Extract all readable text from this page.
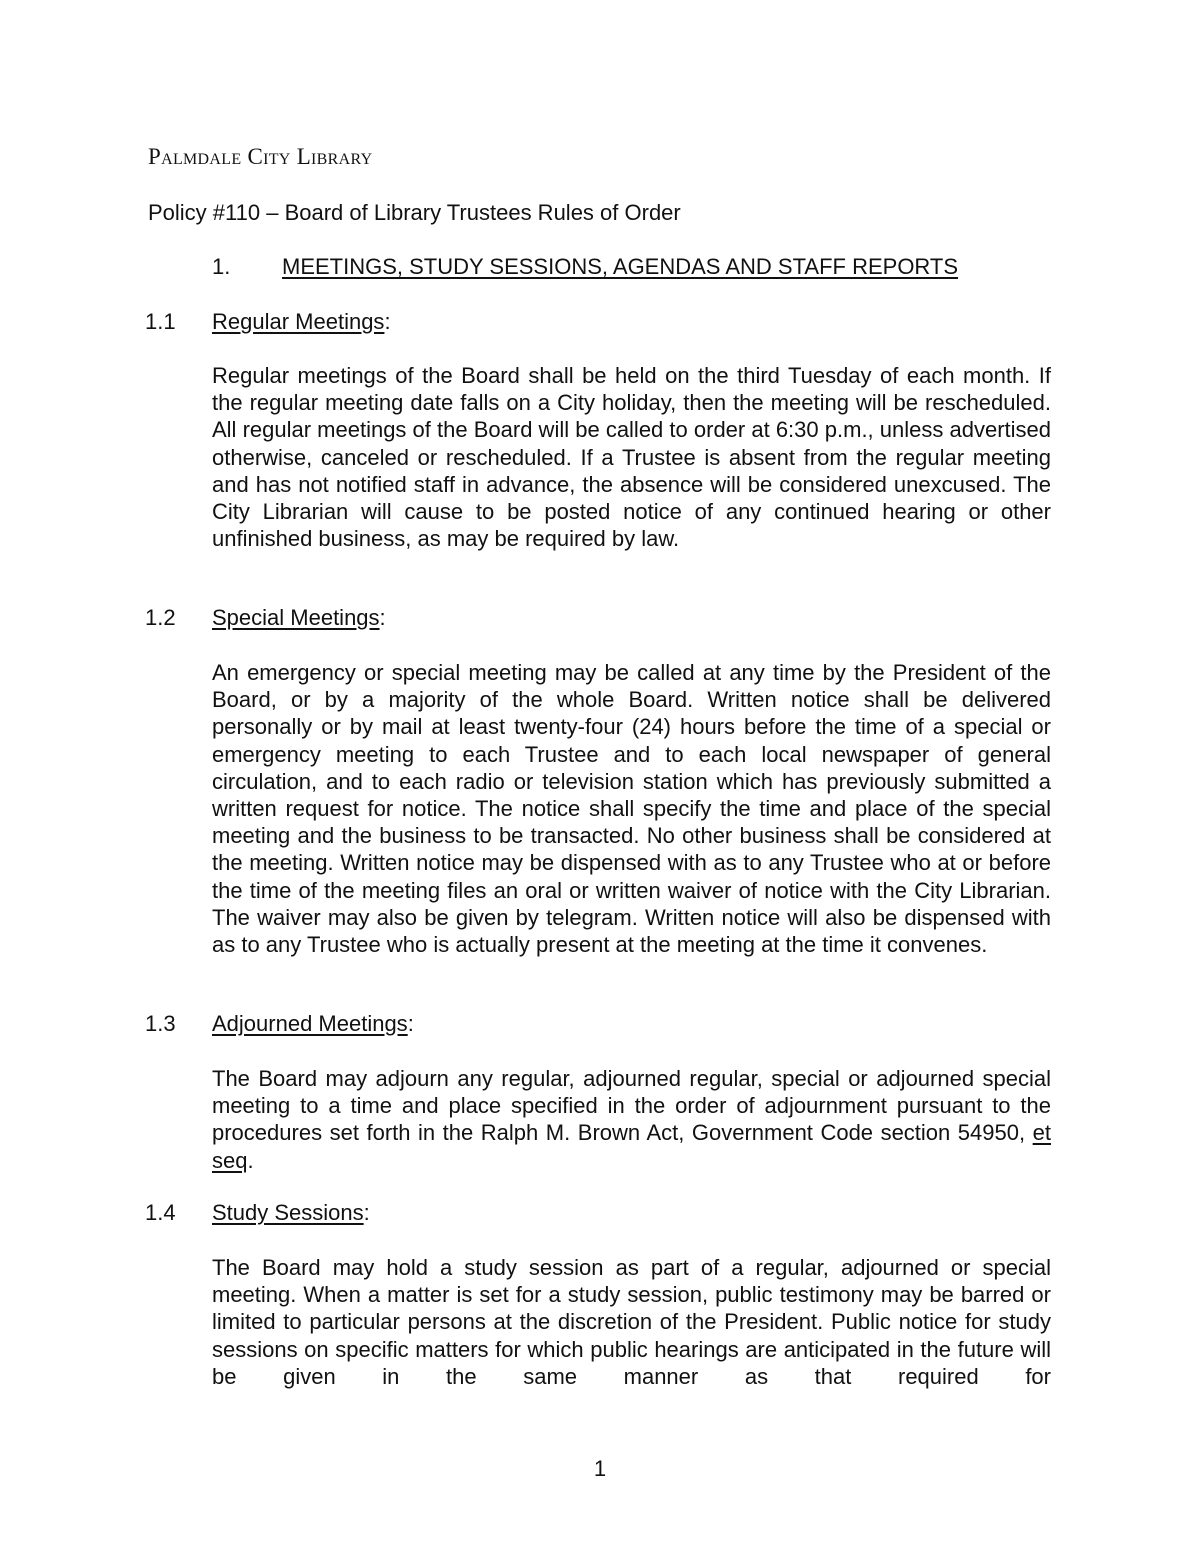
Palmdale City Library
Policy #110 – Board of Library Trustees Rules of Order
1. MEETINGS, STUDY SESSIONS, AGENDAS AND STAFF REPORTS
1.1 Regular Meetings:
Regular meetings of the Board shall be held on the third Tuesday of each month. If the regular meeting date falls on a City holiday, then the meeting will be rescheduled. All regular meetings of the Board will be called to order at 6:30 p.m., unless advertised otherwise, canceled or rescheduled. If a Trustee is absent from the regular meeting and has not notified staff in advance, the absence will be considered unexcused. The City Librarian will cause to be posted notice of any continued hearing or other unfinished business, as may be required by law.
1.2 Special Meetings:
An emergency or special meeting may be called at any time by the President of the Board, or by a majority of the whole Board. Written notice shall be delivered personally or by mail at least twenty-four (24) hours before the time of a special or emergency meeting to each Trustee and to each local newspaper of general circulation, and to each radio or television station which has previously submitted a written request for notice. The notice shall specify the time and place of the special meeting and the business to be transacted. No other business shall be considered at the meeting. Written notice may be dispensed with as to any Trustee who at or before the time of the meeting files an oral or written waiver of notice with the City Librarian. The waiver may also be given by telegram. Written notice will also be dispensed with as to any Trustee who is actually present at the meeting at the time it convenes.
1.3 Adjourned Meetings:
The Board may adjourn any regular, adjourned regular, special or adjourned special meeting to a time and place specified in the order of adjournment pursuant to the procedures set forth in the Ralph M. Brown Act, Government Code section 54950, et seq.
1.4 Study Sessions:
The Board may hold a study session as part of a regular, adjourned or special meeting. When a matter is set for a study session, public testimony may be barred or limited to particular persons at the discretion of the President. Public notice for study sessions on specific matters for which public hearings are anticipated in the future will be given in the same manner as that required for
1
